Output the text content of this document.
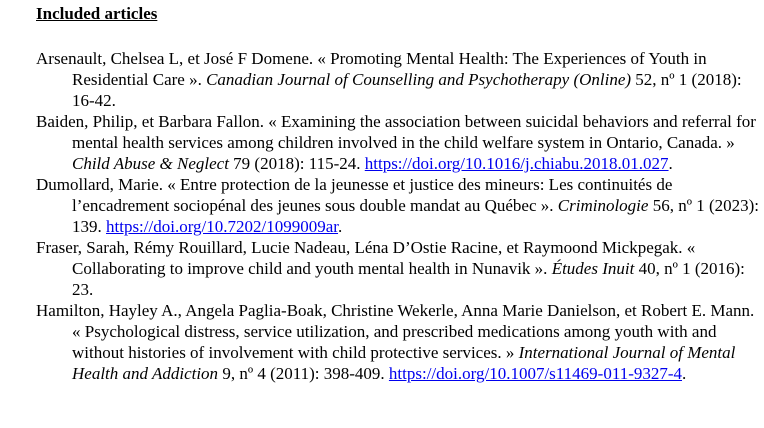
Included articles
Arsenault, Chelsea L, et José F Domene. « Promoting Mental Health: The Experiences of Youth in Residential Care ». Canadian Journal of Counselling and Psychotherapy (Online) 52, nº 1 (2018): 16-42.
Baiden, Philip, et Barbara Fallon. « Examining the association between suicidal behaviors and referral for mental health services among children involved in the child welfare system in Ontario, Canada. » Child Abuse & Neglect 79 (2018): 115-24. https://doi.org/10.1016/j.chiabu.2018.01.027.
Dumollard, Marie. « Entre protection de la jeunesse et justice des mineurs: Les continuités de l’encadrement sociopénal des jeunes sous double mandat au Québec ». Criminologie 56, nº 1 (2023): 139. https://doi.org/10.7202/1099009ar.
Fraser, Sarah, Rémy Rouillard, Lucie Nadeau, Léna D’Ostie Racine, et Raymoond Mickpegak. « Collaborating to improve child and youth mental health in Nunavik ». Études Inuit 40, nº 1 (2016): 23.
Hamilton, Hayley A., Angela Paglia-Boak, Christine Wekerle, Anna Marie Danielson, et Robert E. Mann. « Psychological distress, service utilization, and prescribed medications among youth with and without histories of involvement with child protective services. » International Journal of Mental Health and Addiction 9, nº 4 (2011): 398-409. https://doi.org/10.1007/s11469-011-9327-4.
